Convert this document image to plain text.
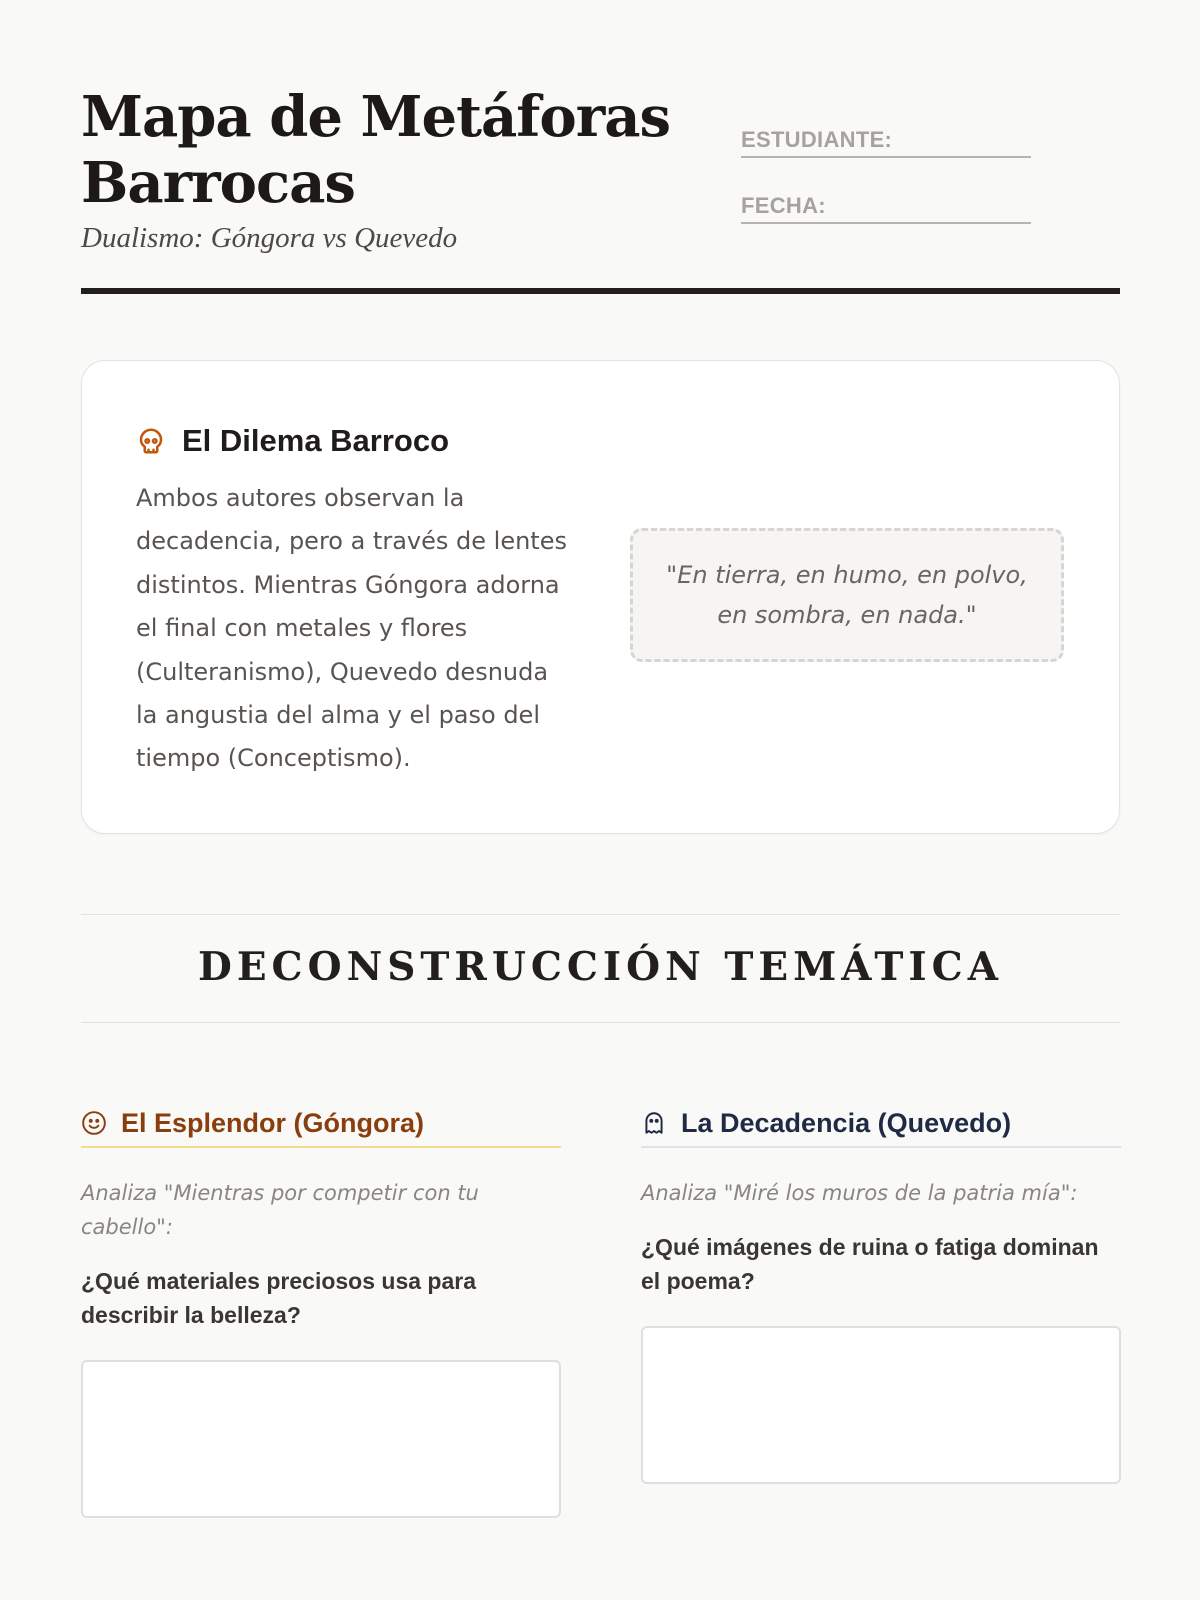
Mapa de Metáforas Barrocas
Dualismo: Góngora vs Quevedo
ESTUDIANTE:
FECHA:
El Dilema Barroco

Ambos autores observan la decadencia, pero a través de lentes distintos. Mientras Góngora adorna el final con metales y flores (Culteranismo), Quevedo desnuda la angustia del alma y el paso del tiempo (Conceptismo).

"En tierra, en humo, en polvo, en sombra, en nada."
DECONSTRUCCIÓN TEMÁTICA
El Esplendor (Góngora)
Analiza "Mientras por competir con tu cabello":
¿Qué materiales preciosos usa para describir la belleza?
La Decadencia (Quevedo)
Analiza "Miré los muros de la patria mía":
¿Qué imágenes de ruina o fatiga dominan el poema?
